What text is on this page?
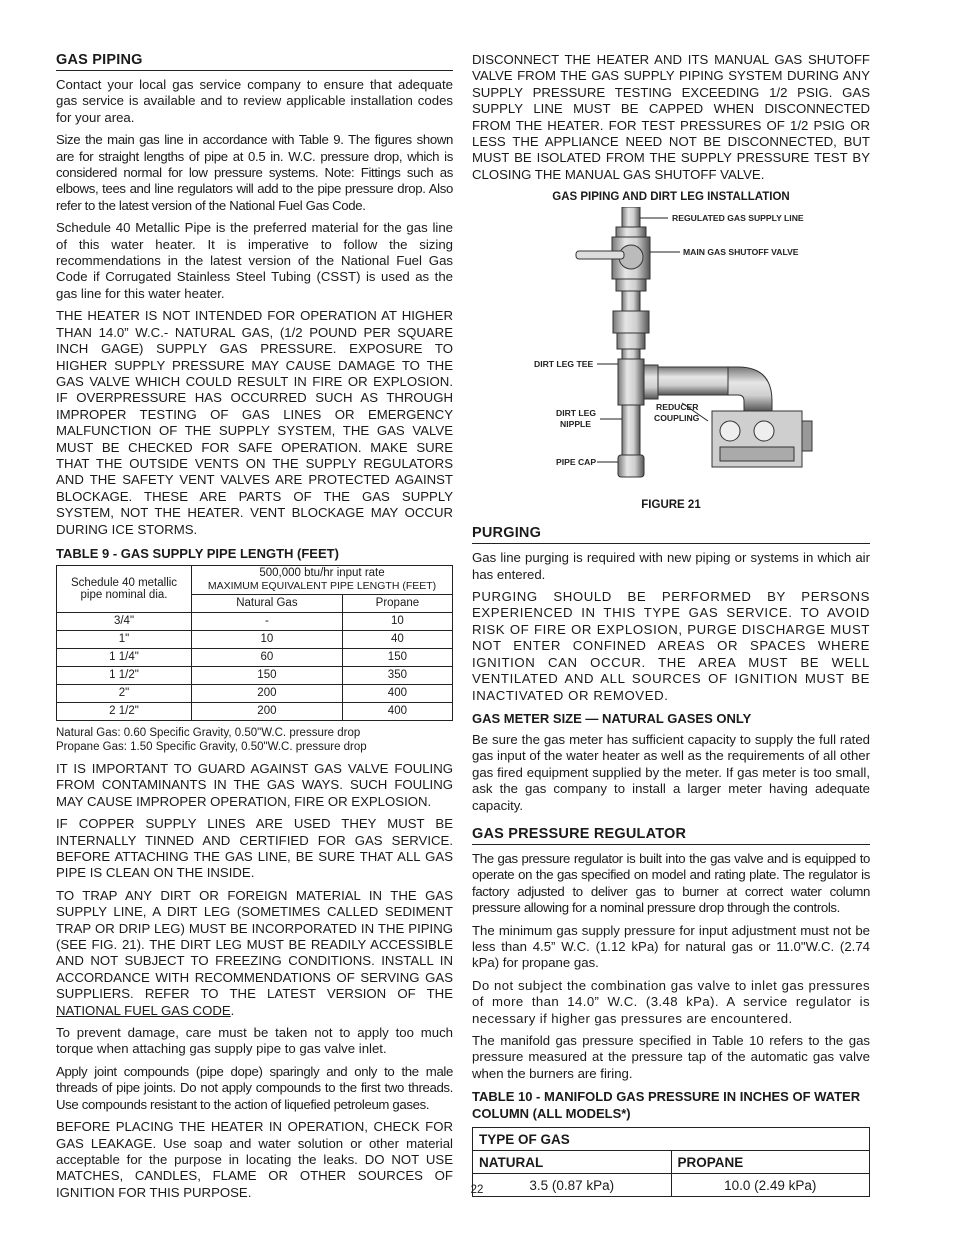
GAS PIPING

Contact your local gas service company to ensure that adequate gas service is available and to review applicable installation codes for your area.

Size the main gas line in accordance with Table 9. The figures shown are for straight lengths of pipe at 0.5 in. W.C. pressure drop, which is considered normal for low pressure systems. Note: Fittings such as elbows, tees and line regulators will add to the pipe pressure drop. Also refer to the latest version of the National Fuel Gas Code.

Schedule 40 Metallic Pipe is the preferred material for the gas line of this water heater. It is imperative to follow the sizing recommendations in the latest version of the National Fuel Gas Code if Corrugated Stainless Steel Tubing (CSST) is used as the gas line for this water heater.

THE HEATER IS NOT INTENDED FOR OPERATION AT HIGHER THAN 14.0” W.C.- NATURAL GAS, (1/2 POUND PER SQUARE INCH GAGE) SUPPLY GAS PRESSURE. EXPOSURE TO HIGHER SUPPLY PRESSURE MAY CAUSE DAMAGE TO THE GAS VALVE WHICH COULD RESULT IN FIRE OR EXPLOSION. IF OVERPRESSURE HAS OCCURRED SUCH AS THROUGH IMPROPER TESTING OF GAS LINES OR EMERGENCY MALFUNCTION OF THE SUPPLY SYSTEM, THE GAS VALVE MUST BE CHECKED FOR SAFE OPERATION. MAKE SURE THAT THE OUTSIDE VENTS ON THE SUPPLY REGULATORS AND THE SAFETY VENT VALVES ARE PROTECTED AGAINST BLOCKAGE. THESE ARE PARTS OF THE GAS SUPPLY SYSTEM, NOT THE HEATER. VENT BLOCKAGE MAY OCCUR DURING ICE STORMS.

TABLE 9 - GAS SUPPLY PIPE LENGTH (FEET)
Schedule 40 metallic pipe nominal dia.	500,000 btu/hr input rate
MAXIMUM EQUIVALENT PIPE LENGTH (FEET)	
	Natural Gas	Propane
3/4"	-	10
1"	10	40
1 1/4"	60	150
1 1/2"	150	350
2"	200	400
2 1/2"	200	400
Natural Gas: 0.60 Specific Gravity, 0.50"W.C. pressure drop
Propane Gas: 1.50 Specific Gravity, 0.50"W.C. pressure drop

IT IS IMPORTANT TO GUARD AGAINST GAS VALVE FOULING FROM CONTAMINANTS IN THE GAS WAYS. SUCH FOULING MAY CAUSE IMPROPER OPERATION, FIRE OR EXPLOSION.

IF COPPER SUPPLY LINES ARE USED THEY MUST BE INTERNALLY TINNED AND CERTIFIED FOR GAS SERVICE. BEFORE ATTACHING THE GAS LINE, BE SURE THAT ALL GAS PIPE IS CLEAN ON THE INSIDE.

TO TRAP ANY DIRT OR FOREIGN MATERIAL IN THE GAS SUPPLY LINE, A DIRT LEG (SOMETIMES CALLED SEDIMENT TRAP OR DRIP LEG) MUST BE INCORPORATED IN THE PIPING (SEE FIG. 21). THE DIRT LEG MUST BE READILY ACCESSIBLE AND NOT SUBJECT TO FREEZING CONDITIONS. INSTALL IN ACCORDANCE WITH RECOMMENDATIONS OF SERVING GAS SUPPLIERS. REFER TO THE LATEST VERSION OF THE NATIONAL FUEL GAS CODE.

To prevent damage, care must be taken not to apply too much torque when attaching gas supply pipe to gas valve inlet.

Apply joint compounds (pipe dope) sparingly and only to the male threads of pipe joints. Do not apply compounds to the first two threads. Use compounds resistant to the action of liquefied petroleum gases.

BEFORE PLACING THE HEATER IN OPERATION, CHECK FOR GAS LEAKAGE. Use soap and water solution or other material acceptable for the purpose in locating the leaks. DO NOT USE MATCHES, CANDLES, FLAME OR OTHER SOURCES OF IGNITION FOR THIS PURPOSE.

DISCONNECT THE HEATER AND ITS MANUAL GAS SHUTOFF VALVE FROM THE GAS SUPPLY PIPING SYSTEM DURING ANY SUPPLY PRESSURE TESTING EXCEEDING 1/2 PSIG. GAS SUPPLY LINE MUST BE CAPPED WHEN DISCONNECTED FROM THE HEATER. FOR TEST PRESSURES OF 1/2 PSIG OR LESS THE APPLIANCE NEED NOT BE DISCONNECTED, BUT MUST BE ISOLATED FROM THE SUPPLY PRESSURE TEST BY CLOSING THE MANUAL GAS SHUTOFF VALVE.

GAS PIPING AND DIRT LEG INSTALLATION
REGULATED GAS SUPPLY LINE
MAIN GAS SHUTOFF VALVE
DIRT LEG TEE
REDUCER
COUPLING
DIRT LEG
NIPPLE
PIPE CAP
FIGURE 21
PURGING

Gas line purging is required with new piping or systems in which air has entered.

PURGING SHOULD BE PERFORMED BY PERSONS EXPERIENCED IN THIS TYPE GAS SERVICE. TO AVOID RISK OF FIRE OR EXPLOSION, PURGE DISCHARGE MUST NOT ENTER CONFINED AREAS OR SPACES WHERE IGNITION CAN OCCUR. THE AREA MUST BE WELL VENTILATED AND ALL SOURCES OF IGNITION MUST BE INACTIVATED OR REMOVED.

GAS METER SIZE — NATURAL GASES ONLY

Be sure the gas meter has sufficient capacity to supply the full rated gas input of the water heater as well as the requirements of all other gas fired equipment supplied by the meter. If gas meter is too small, ask the gas company to install a larger meter having adequate capacity.

GAS PRESSURE REGULATOR

The gas pressure regulator is built into the gas valve and is equipped to operate on the gas specified on model and rating plate. The regulator is factory adjusted to deliver gas to burner at correct water column pressure allowing for a nominal pressure drop through the controls.

The minimum gas supply pressure for input adjustment must not be less than 4.5” W.C. (1.12 kPa) for natural gas or 11.0"W.C. (2.74 kPa) for propane gas.

Do not subject the combination gas valve to inlet gas pressures of more than 14.0” W.C. (3.48 kPa). A service regulator is necessary if higher gas pressures are encountered.

The manifold gas pressure specified in Table 10 refers to the gas pressure measured at the pressure tap of the automatic gas valve when the burners are firing.

TABLE 10 - MANIFOLD GAS PRESSURE IN INCHES OF WATER COLUMN (ALL MODELS*)
TYPE OF GAS	
NATURAL	PROPANE
3.5 (0.87 kPa)	10.0 (2.49 kPa)
22
